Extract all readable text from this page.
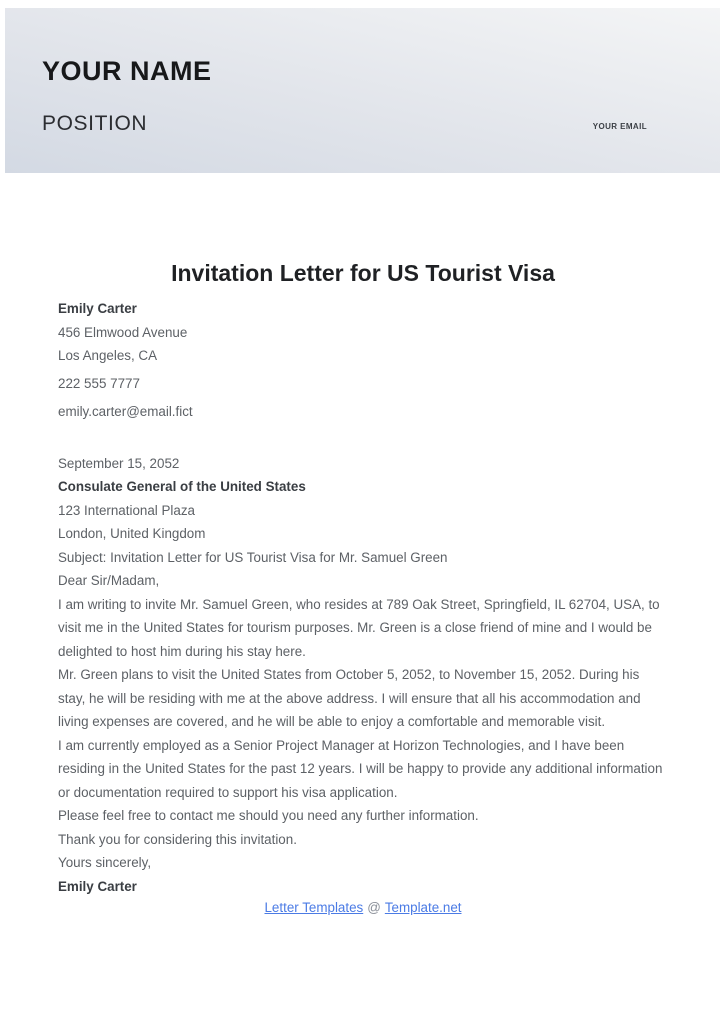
YOUR NAME
POSITION	YOUR EMAIL
Invitation Letter for US Tourist Visa

Emily Carter

456 Elmwood Avenue

Los Angeles, CA

222 555 7777

emily.carter@email.fict

September 15, 2052

Consulate General of the United States

123 International Plaza

London, United Kingdom

Subject: Invitation Letter for US Tourist Visa for Mr. Samuel Green

Dear Sir/Madam,

I am writing to invite Mr. Samuel Green, who resides at 789 Oak Street, Springfield, IL 62704, USA, to visit me in the United States for tourism purposes. Mr. Green is a close friend of mine and I would be delighted to host him during his stay here.

Mr. Green plans to visit the United States from October 5, 2052, to November 15, 2052. During his stay, he will be residing with me at the above address. I will ensure that all his accommodation and living expenses are covered, and he will be able to enjoy a comfortable and memorable visit.

I am currently employed as a Senior Project Manager at Horizon Technologies, and I have been residing in the United States for the past 12 years. I will be happy to provide any additional information or documentation required to support his visa application.

Please feel free to contact me should you need any further information.

Thank you for considering this invitation.

Yours sincerely,

Emily Carter

Letter Templates @ Template.net
